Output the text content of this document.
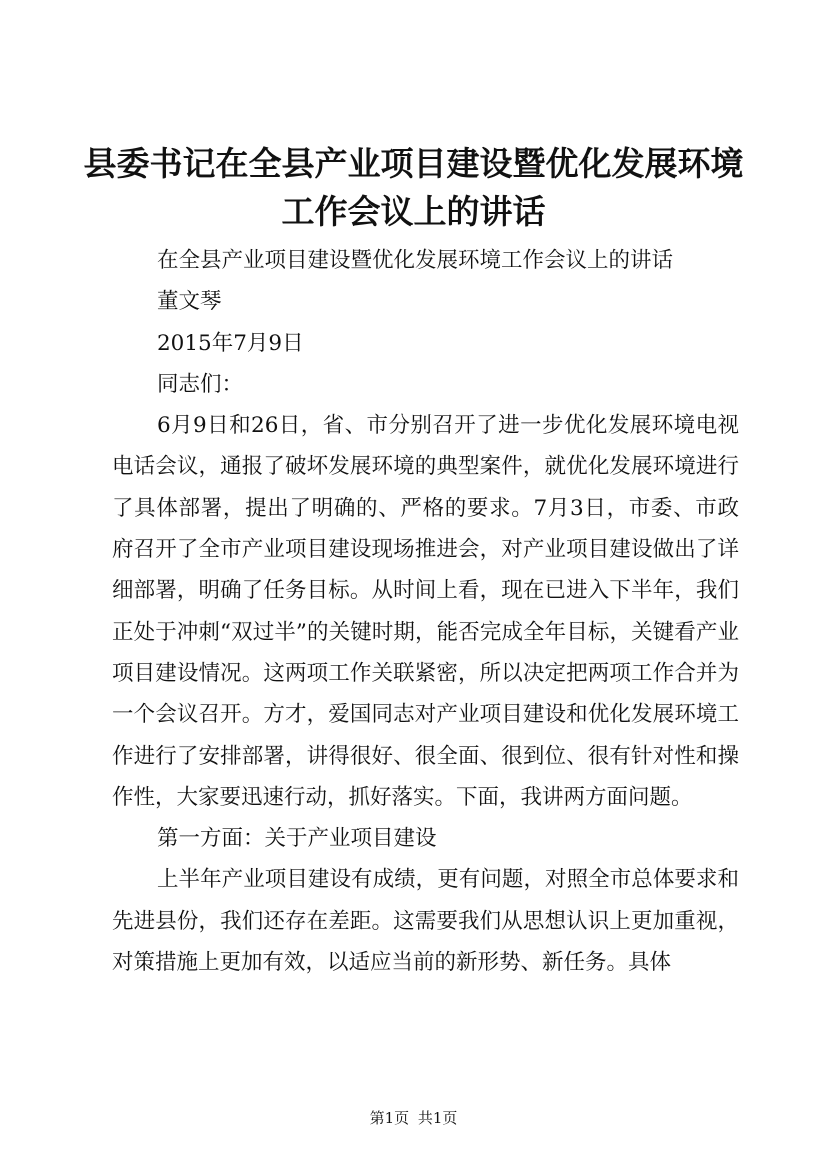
县委书记在全县产业项目建设暨优化发展环境
工作会议上的讲话

在全县产业项目建设暨优化发展环境工作会议上的讲话

董文琴

2015年7月9日

同志们：

6月9日和26日，省、市分别召开了进一步优化发展环境电视电话会议，通报了破坏发展环境的典型案件，就优化发展环境进行了具体部署，提出了明确的、严格的要求。7月3日，市委、市政府召开了全市产业项目建设现场推进会，对产业项目建设做出了详细部署，明确了任务目标。从时间上看，现在已进入下半年，我们正处于冲刺“双过半”的关键时期，能否完成全年目标，关键看产业项目建设情况。这两项工作关联紧密，所以决定把两项工作合并为一个会议召开。方才，爱国同志对产业项目建设和优化发展环境工作进行了安排部署，讲得很好、很全面、很到位、很有针对性和操作性，大家要迅速行动，抓好落实。下面，我讲两方面问题。

第一方面：关于产业项目建设

上半年产业项目建设有成绩，更有问题，对照全市总体要求和先进县份，我们还存在差距。这需要我们从思想认识上更加重视，对策措施上更加有效，以适应当前的新形势、新任务。具体

第1页 共1页
